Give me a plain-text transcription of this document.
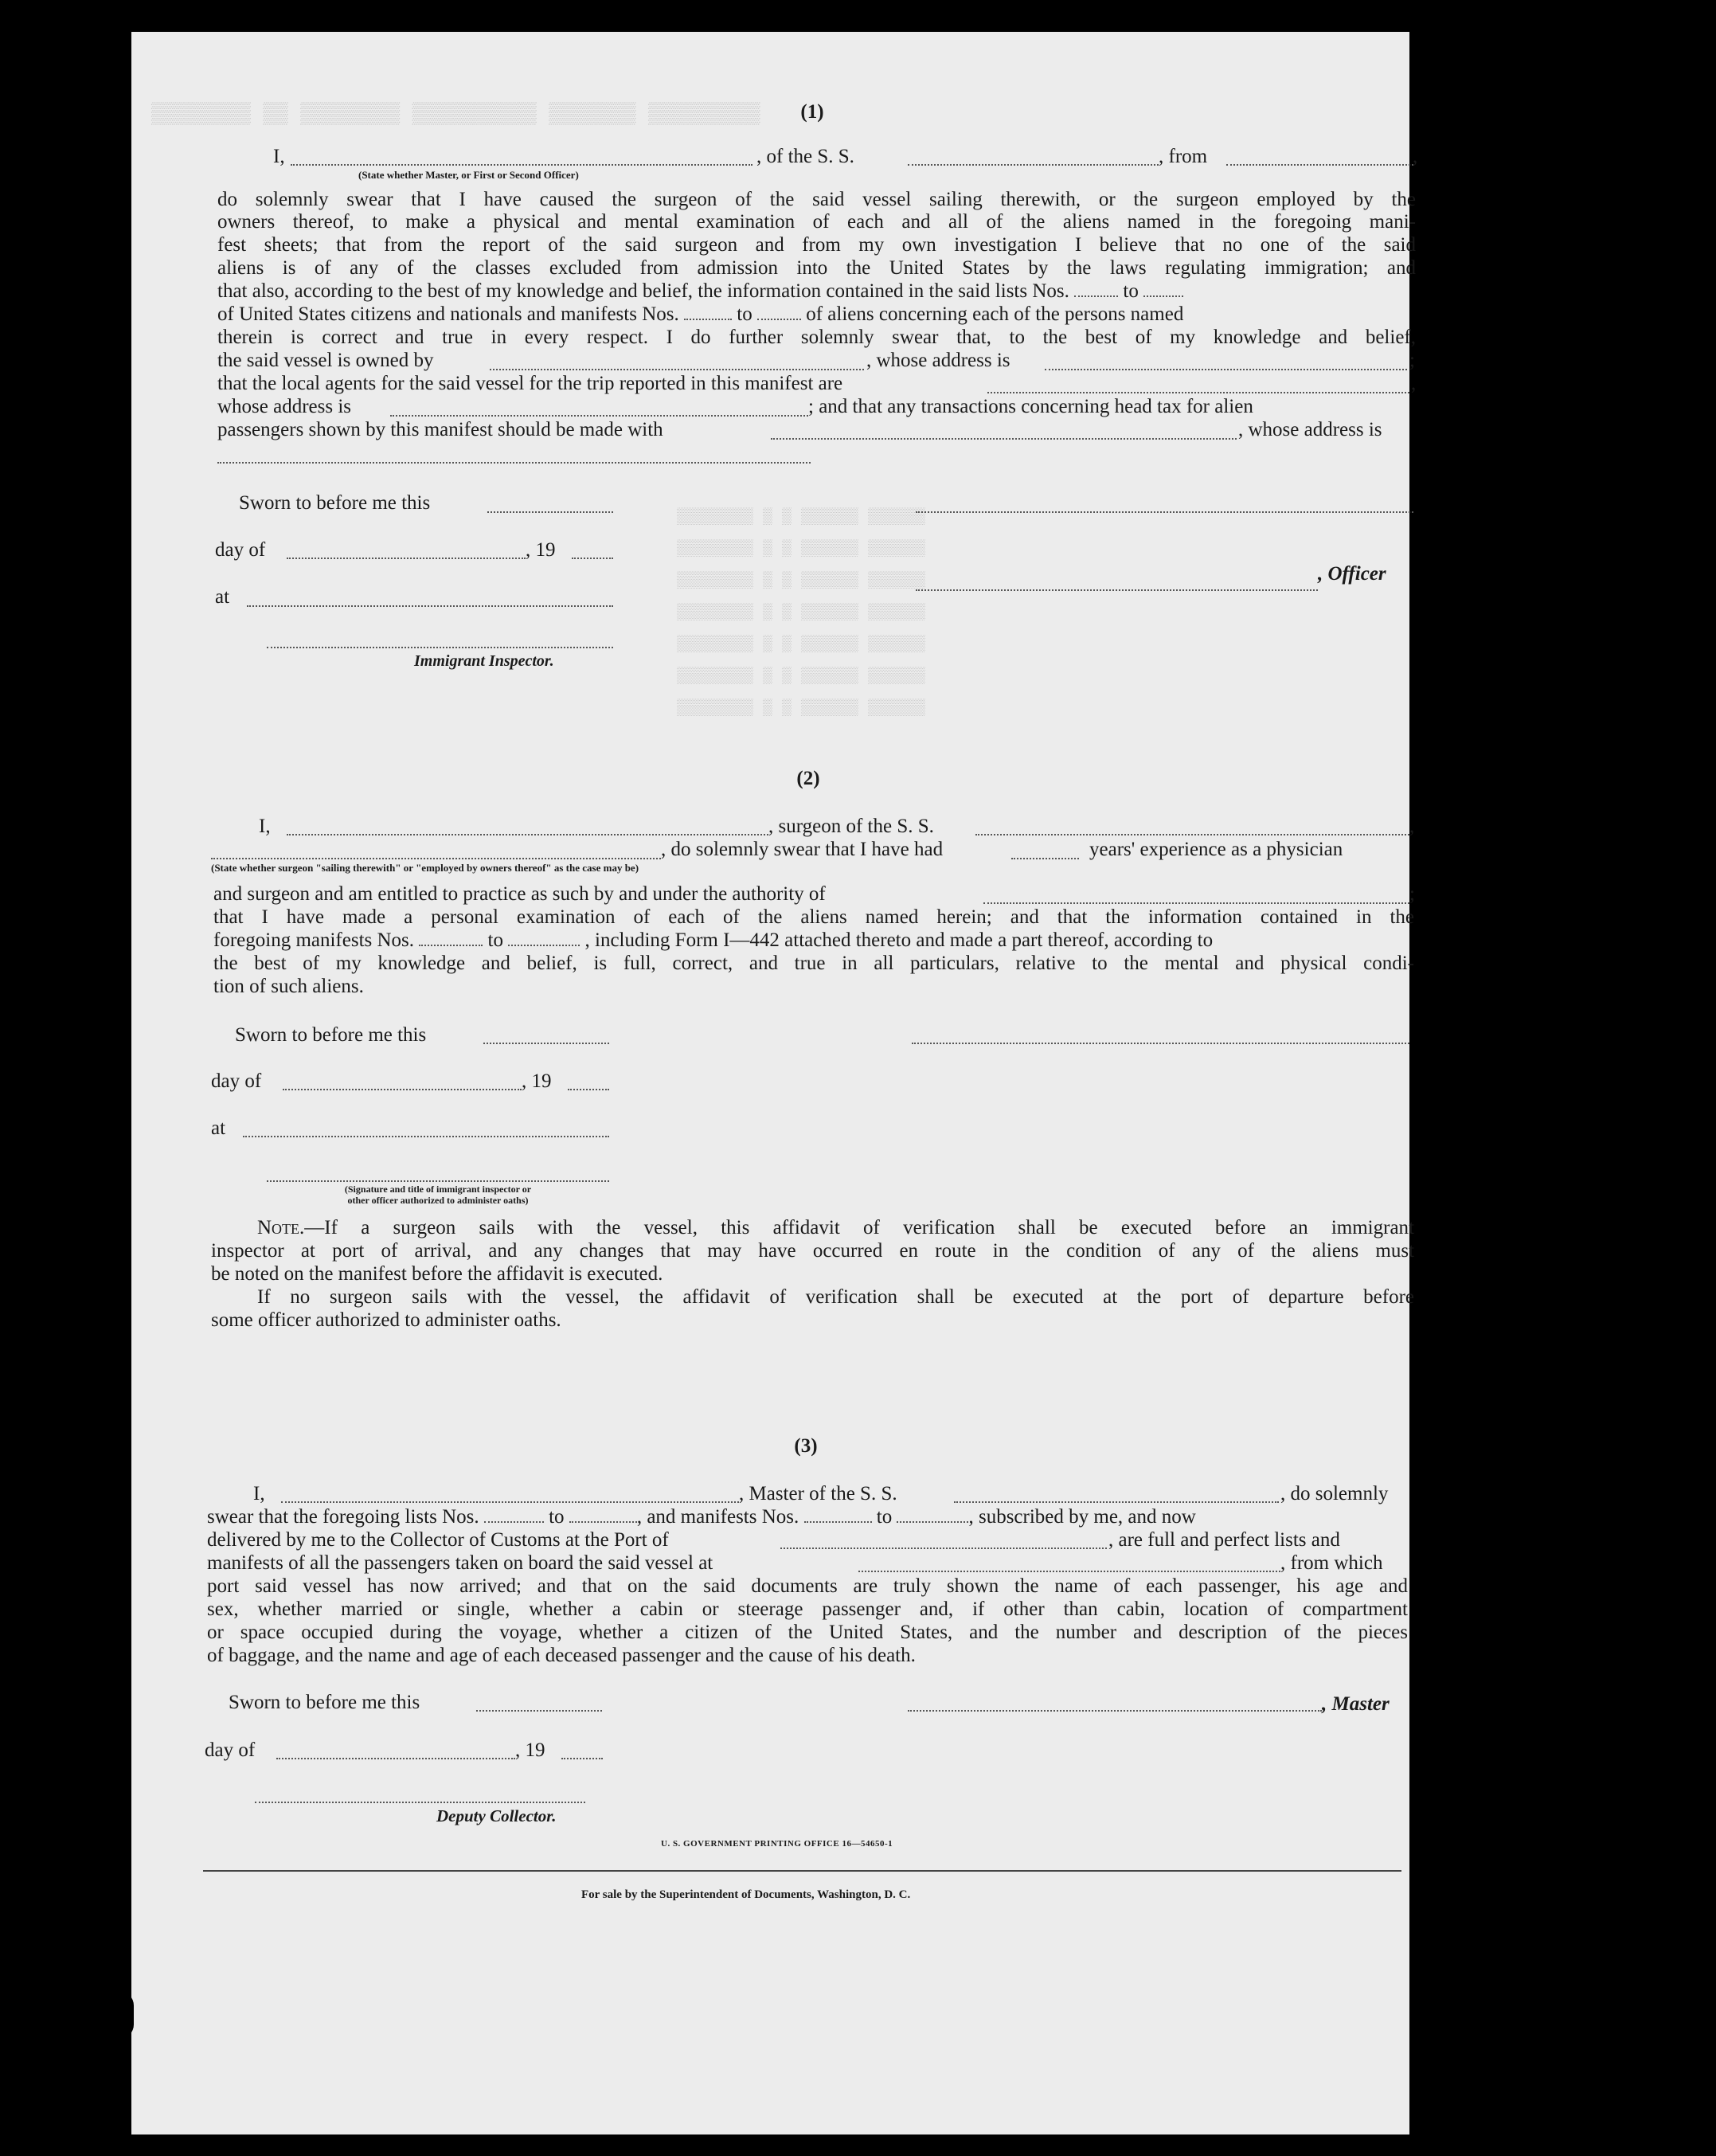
▒▒▒▒▒▒▒▒ ▒▒ ▒▒▒▒▒▒▒▒ ▒▒▒▒▒▒▒▒▒▒ ▒▒▒▒▒▒▒ ▒▒▒▒▒▒▒▒▒
▒▒▒▒▒▒▒▒ ▒ ▒ ▒▒▒▒▒▒ ▒▒▒▒▒▒
▒▒▒▒▒▒▒▒ ▒ ▒ ▒▒▒▒▒▒ ▒▒▒▒▒▒
▒▒▒▒▒▒▒▒ ▒ ▒ ▒▒▒▒▒▒ ▒▒▒▒▒▒
▒▒▒▒▒▒▒▒ ▒ ▒ ▒▒▒▒▒▒ ▒▒▒▒▒▒
▒▒▒▒▒▒▒▒ ▒ ▒ ▒▒▒▒▒▒ ▒▒▒▒▒▒
▒▒▒▒▒▒▒▒ ▒ ▒ ▒▒▒▒▒▒ ▒▒▒▒▒▒
▒▒▒▒▒▒▒▒ ▒ ▒ ▒▒▒▒▒▒ ▒▒▒▒▒▒
(1)
I,	, of the S. S.	, from	,
(State whether Master, or First or Second Officer)
do solemnly swear that I have caused the surgeon of the said vessel sailing therewith, or the surgeon employed by the
owners thereof, to make a physical and mental examination of each and all of the aliens named in the foregoing mani-
fest sheets; that from the report of the said surgeon and from my own investigation I believe that no one of the said
aliens is of any of the classes excluded from admission into the United States by the laws regulating immigration; and
that also, according to the best of my knowledge and belief, the information contained in the said lists Nos.	to
of United States citizens and nationals and manifests Nos.	to	of aliens concerning each of the persons named
therein is correct and true in every respect. I do further solemnly swear that, to the best of my knowledge and belief,
the said vessel is owned by	, whose address is	;
that the local agents for the said vessel for the trip reported in this manifest are	,
whose address is	; and that any transactions concerning head tax for alien
passengers shown by this manifest should be made with	, whose address is
Sworn to before me this
day of	, 19
, Officer
at
Immigrant Inspector.
(2)
I,	, surgeon of the S. S.	,
, do solemnly swear that I have had	years' experience as a physician
(State whether surgeon "sailing therewith" or "employed by owners thereof" as the case may be)
and surgeon and am entitled to practice as such by and under the authority of	;
that I have made a personal examination of each of the aliens named herein; and that the information contained in the
foregoing manifests Nos.	to	, including Form I—442 attached thereto and made a part thereof, according to
the best of my knowledge and belief, is full, correct, and true in all particulars, relative to the mental and physical condi-
tion of such aliens.
Sworn to before me this
day of	, 19
at
(Signature and title of immigrant inspector or
other officer authorized to administer oaths)
Note.—If a surgeon sails with the vessel, this affidavit of verification shall be executed before an immigrant
inspector at port of arrival, and any changes that may have occurred en route in the condition of any of the aliens must
be noted on the manifest before the affidavit is executed.
If no surgeon sails with the vessel, the affidavit of verification shall be executed at the port of departure before
some officer authorized to administer oaths.
(3)
I,	, Master of the S. S.	, do solemnly
swear that the foregoing lists Nos.	to	, and manifests Nos.	to	, subscribed by me, and now
delivered by me to the Collector of Customs at the Port of	, are full and perfect lists and
manifests of all the passengers taken on board the said vessel at	, from which
port said vessel has now arrived; and that on the said documents are truly shown the name of each passenger, his age and
sex, whether married or single, whether a cabin or steerage passenger and, if other than cabin, location of compartment
or space occupied during the voyage, whether a citizen of the United States, and the number and description of the pieces
of baggage, and the name and age of each deceased passenger and the cause of his death.
Sworn to before me this	, Master
day of	, 19
Deputy Collector.
U. S. GOVERNMENT PRINTING OFFICE 16—54650-1
For sale by the Superintendent of Documents, Washington, D. C.
